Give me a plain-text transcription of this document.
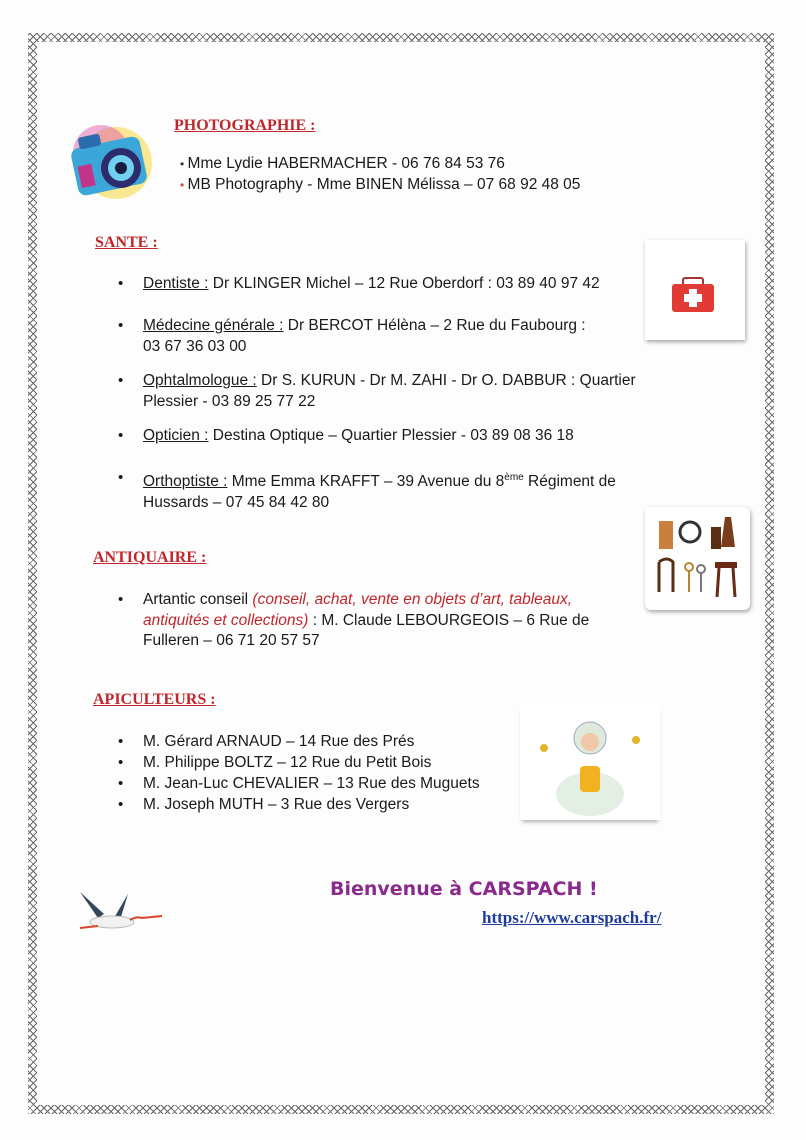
PHOTOGRAPHIE :
• Mme Lydie HABERMACHER - 06 76 84 53 76
• MB Photography - Mme BINEN Mélissa – 07 68 92 48 05
SANTE :
• Dentiste : Dr KLINGER Michel – 12 Rue Oberdorf : 03 89 40 97 42
• Médecine générale : Dr BERCOT Hélèna – 2 Rue du Faubourg :
03 67 36 03 00
• Ophtalmologue : Dr S. KURUN - Dr M. ZAHI - Dr O. DABBUR : Quartier
Plessier - 03 89 25 77 22
• Opticien : Destina Optique – Quartier Plessier - 03 89 08 36 18
• Orthoptiste : Mme Emma KRAFFT – 39 Avenue du 8ème Régiment de
Hussards – 07 45 84 42 80
ANTIQUAIRE :
• Artantic conseil (conseil, achat, vente en objets d’art, tableaux,
antiquités et collections) : M. Claude LEBOURGEOIS – 6 Rue de
Fulleren – 06 71 20 57 57
APICULTEURS :
• M. Gérard ARNAUD – 14 Rue des Prés
• M. Philippe BOLTZ – 12 Rue du Petit Bois
• M. Jean-Luc CHEVALIER – 13 Rue des Muguets
• M. Joseph MUTH – 3 Rue des Vergers
Bienvenue à CARSPACH !
https://www.carspach.fr/
